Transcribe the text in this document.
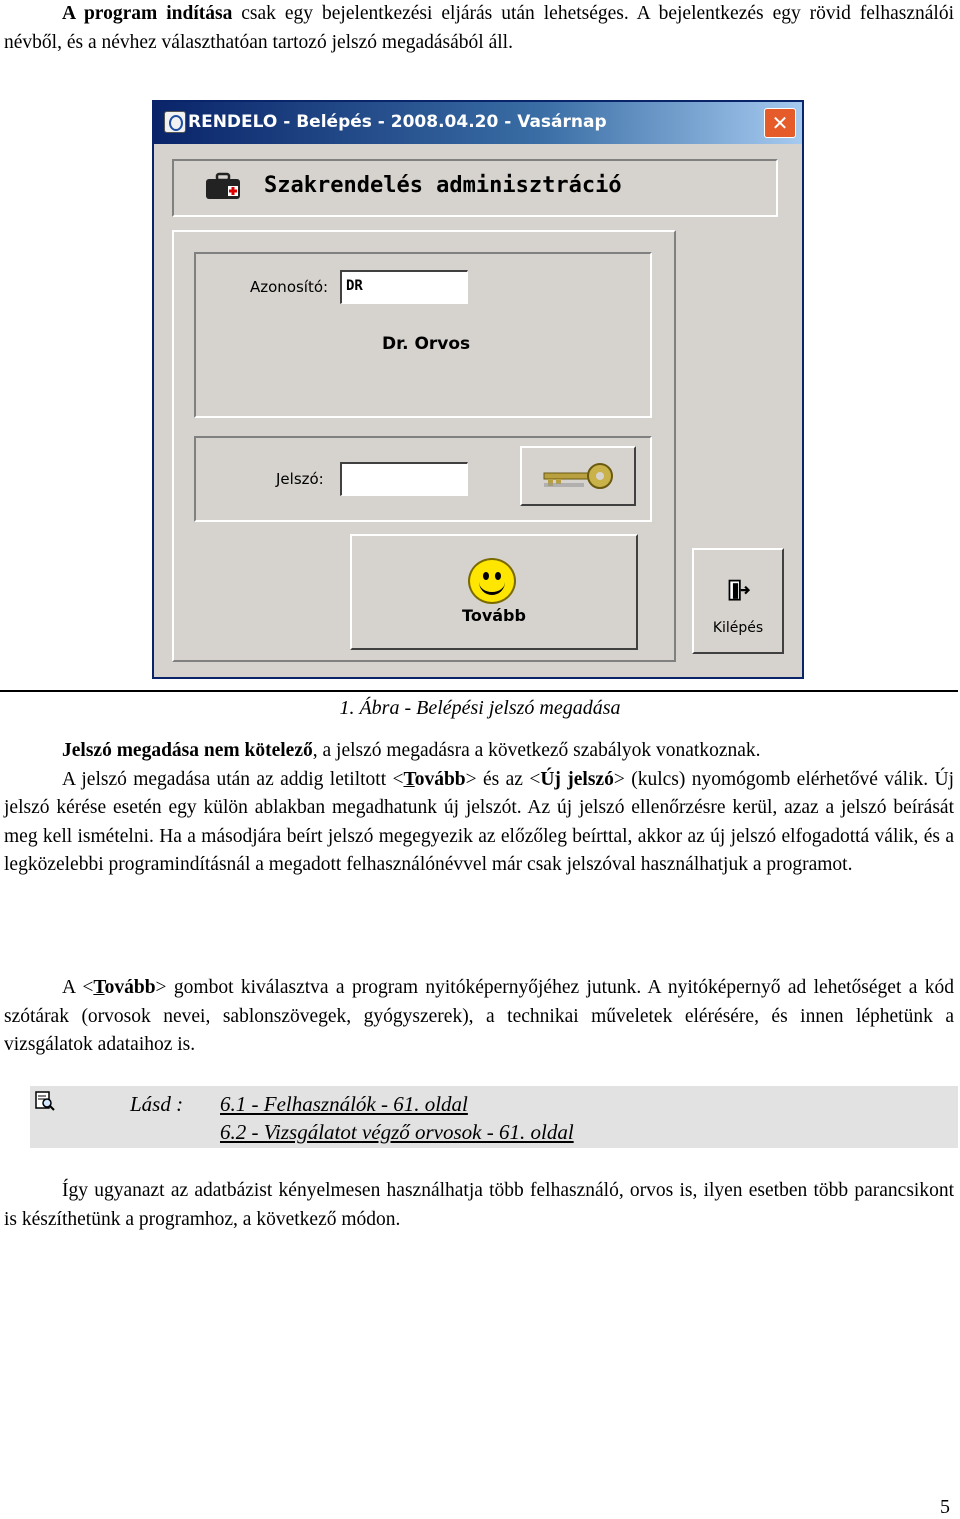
A program indítása csak egy bejelentkezési eljárás után lehetséges. A bejelentkezés egy rövid felhasználói névből, és a névhez választhatóan tartozó jelszó megadásából áll.

RENDELO - Belépés - 2008.04.20 - Vasárnap	✕
Szakrendelés adminisztráció
Azonosító:	DR
Dr. Orvos
Jelszó:
Tovább
Kilépés
1. Ábra - Belépési jelszó megadása

Jelszó megadása nem kötelező, a jelszó megadásra a következő szabályok vonatkoznak.
A jelszó megadása után az addig letiltott <Tovább> és az <Új jelszó> (kulcs) nyomógomb elérhetővé válik. Új jelszó kérése esetén egy külön ablakban megadhatunk új jelszót. Az új jelszó ellenőrzésre kerül, azaz a jelszó beírását meg kell ismételni. Ha a másodjára beírt jelszó megegyezik az előzőleg beírttal, akkor az új jelszó elfogadottá válik, és a legközelebbi programindításnál a megadott felhasználónévvel már csak jelszóval használhatjuk a programot.

A <Tovább> gombot kiválasztva a program nyitóképernyőjéhez jutunk. A nyitóképernyő ad lehetőséget a kód szótárak (orvosok nevei, sablonszövegek, gyógyszerek), a technikai műveletek elérésére, és innen léphetünk a vizsgálatok adataihoz is.

Lásd : 6.1 - Felhasználók - 61. oldal
6.2 - Vizsgálatot végző orvosok - 61. oldal

Így ugyanazt az adatbázist kényelmesen használhatja több felhasználó, orvos is, ilyen esetben több parancsikont is készíthetünk a programhoz, a következő módon.

5
